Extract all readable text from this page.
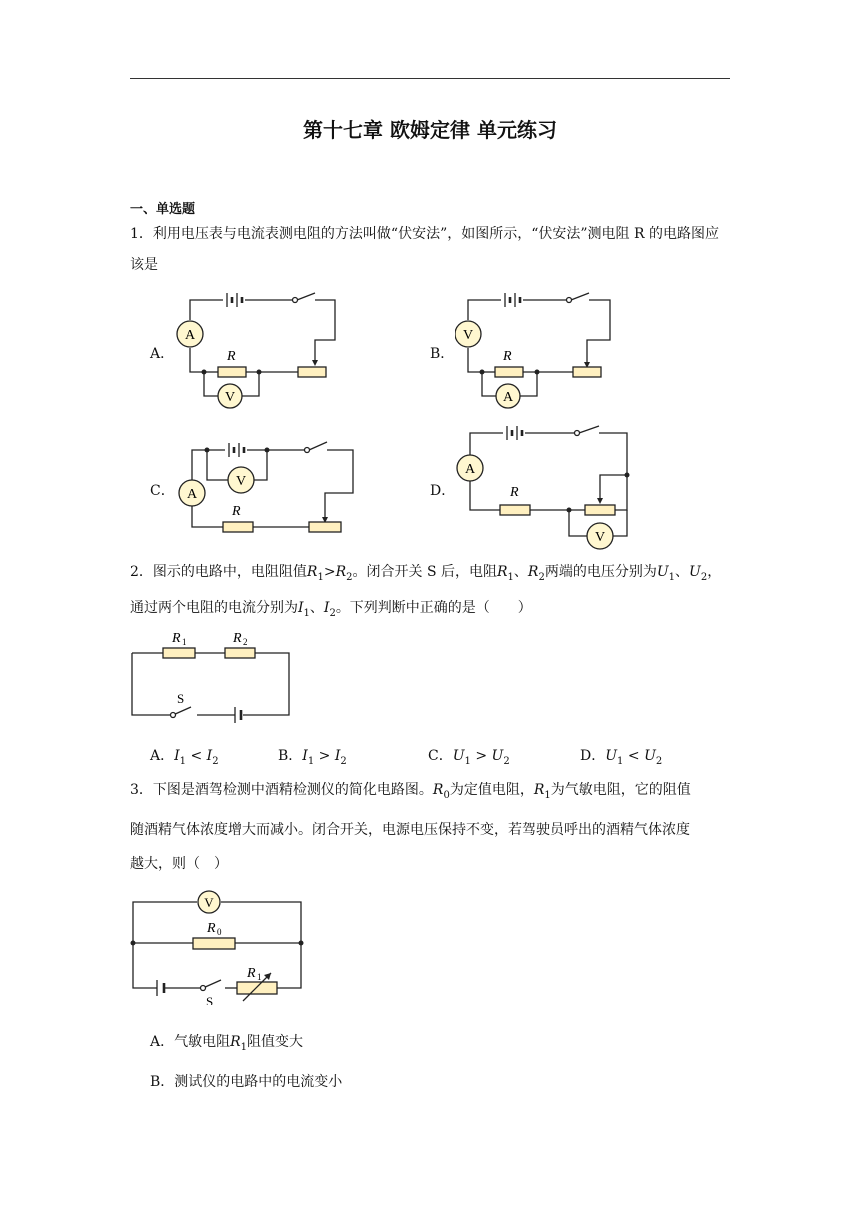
第十七章 欧姆定律 单元练习
一、单选题
1．利用电压表与电流表测电阻的方法叫做“伏安法”，如图所示，“伏安法”测电阻 R 的电路图应该是
A．
A
R
V
B．
V
R
A
C．
V
A
R
D．
A
R
V
2．图示的电路中，电阻阻值$R_1>R_2$。闭合开关 S 后，电阻$R_1$、$R_2$两端的电压分别为$U_1$、$U_2$，
通过两个电阻的电流分别为$I_1$、$I_2$。下列判断中正确的是（　　）
R 1	R 2
S
A．$I_1 < I_2$	B．$I_1 > I_2$	C．$U_1 > U_2$	D．$U_1 < U_2$
3．下图是酒驾检测中酒精检测仪的简化电路图。$R_0$为定值电阻，$R_1$为气敏电阻，它的阻值
随酒精气体浓度增大而减小。闭合开关，电源电压保持不变，若驾驶员呼出的酒精气体浓度
越大，则（　）
V
R 0
S
R 1
A．气敏电阻$R_1$阻值变大
B．测试仪的电路中的电流变小
